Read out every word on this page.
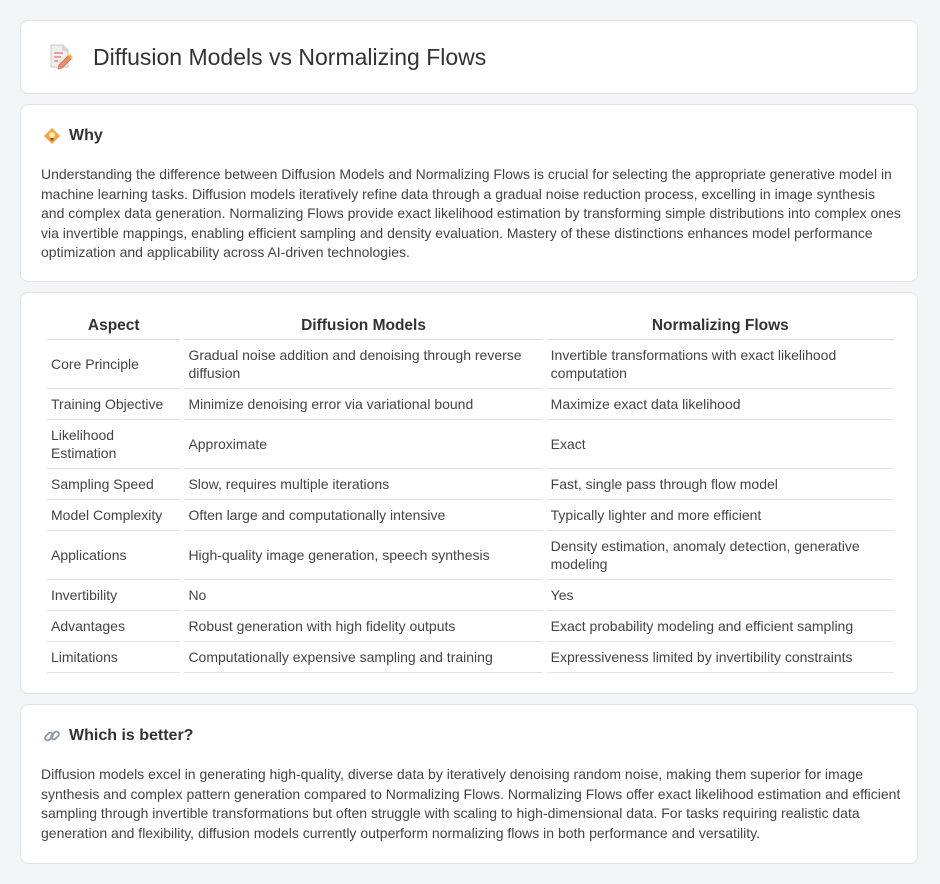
Diffusion Models vs Normalizing Flows
Why

Understanding the difference between Diffusion Models and Normalizing Flows is crucial for selecting the appropriate generative model in machine learning tasks. Diffusion models iteratively refine data through a gradual noise reduction process, excelling in image synthesis and complex data generation. Normalizing Flows provide exact likelihood estimation by transforming simple distributions into complex ones via invertible mappings, enabling efficient sampling and density evaluation. Mastery of these distinctions enhances model performance optimization and applicability across AI-driven technologies.

Aspect	Diffusion Models	Normalizing Flows
Core Principle	Gradual noise addition and denoising through reverse diffusion	Invertible transformations with exact likelihood computation
Training Objective	Minimize denoising error via variational bound	Maximize exact data likelihood
Likelihood Estimation	Approximate	Exact
Sampling Speed	Slow, requires multiple iterations	Fast, single pass through flow model
Model Complexity	Often large and computationally intensive	Typically lighter and more efficient
Applications	High-quality image generation, speech synthesis	Density estimation, anomaly detection, generative modeling
Invertibility	No	Yes
Advantages	Robust generation with high fidelity outputs	Exact probability modeling and efficient sampling
Limitations	Computationally expensive sampling and training	Expressiveness limited by invertibility constraints
Which is better?

Diffusion models excel in generating high-quality, diverse data by iteratively denoising random noise, making them superior for image synthesis and complex pattern generation compared to Normalizing Flows. Normalizing Flows offer exact likelihood estimation and efficient sampling through invertible transformations but often struggle with scaling to high-dimensional data. For tasks requiring realistic data generation and flexibility, diffusion models currently outperform normalizing flows in both performance and versatility.
